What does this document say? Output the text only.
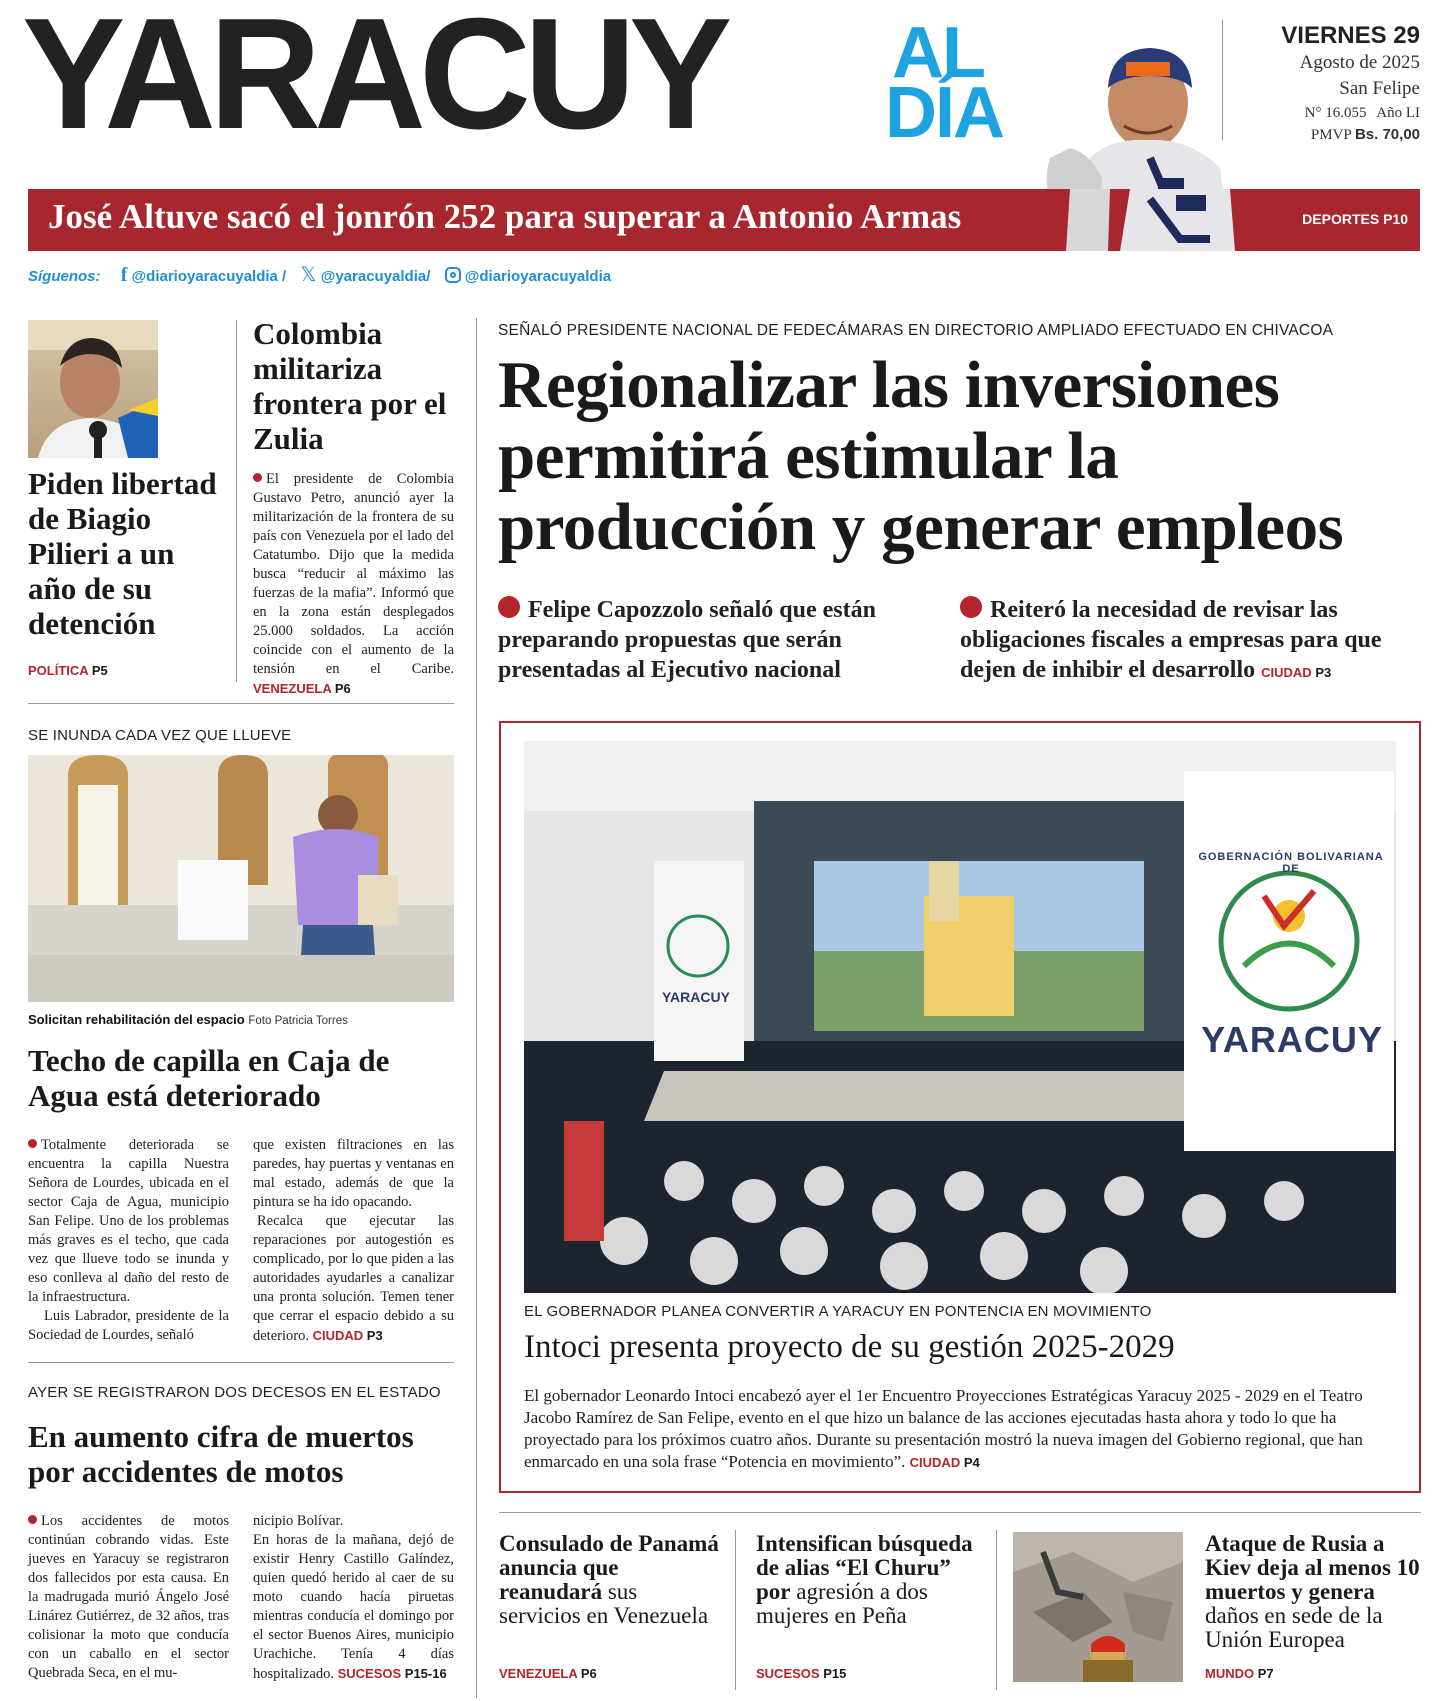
YARACUY AL
DÍA
VIERNES 29
Agosto de 2025
San Felipe
N° 16.055 Año LI
PMVP Bs. 70,00
José Altuve sacó el jonrón 252 para superar a Antonio Armas	DEPORTES P10
Síguenos: f @diarioyaracuyaldia / 𝕏 @yaracuyaldia/ @diarioyaracuyaldia
Piden libertad de Biagio Pilieri a un año de su detención
POLÍTICA P5
Colombia militariza frontera por el Zulia
El presidente de Colombia Gustavo Petro, anunció ayer la militarización de la frontera de su país con Venezuela por el lado del Catatumbo. Dijo que la medida busca “reducir al máximo las fuerzas de la mafia”. Informó que en la zona están desplegados 25.000 soldados. La acción coincide con el aumento de la tensión en el Caribe. VENEZUELA P6
SEÑALÓ PRESIDENTE NACIONAL DE FEDECÁMARAS EN DIRECTORIO AMPLIADO EFECTUADO EN CHIVACOA
Regionalizar las inversiones permitirá estimular la producción y generar empleos
Felipe Capozzolo señaló que están preparando propuestas que serán presentadas al Ejecutivo nacional
Reiteró la necesidad de revisar las obligaciones fiscales a empresas para que dejen de inhibir el desarrollo CIUDAD P3
SE INUNDA CADA VEZ QUE LLUEVE
Solicitan rehabilitación del espacio Foto Patricia Torres
Techo de capilla en Caja de Agua está deteriorado
Totalmente deteriorada se encuentra la capilla Nuestra Señora de Lourdes, ubicada en el sector Caja de Agua, municipio San Felipe. Uno de los problemas más graves es el techo, que cada vez que llueve todo se inunda y eso conlleva al daño del resto de la infraestructura.
Luis Labrador, presidente de la Sociedad de Lourdes, señaló
que existen filtraciones en las paredes, hay puertas y ventanas en mal estado, además de que la pintura se ha ido opacando.
Recalca que ejecutar las reparaciones por autogestión es complicado, por lo que piden a las autoridades ayudarles a canalizar una pronta solución. Temen tener que cerrar el espacio debido a su deterioro. CIUDAD P3
AYER SE REGISTRARON DOS DECESOS EN EL ESTADO
En aumento cifra de muertos por accidentes de motos
Los accidentes de motos continúan cobrando vidas. Este jueves en Yaracuy se registraron dos fallecidos por esta causa. En la madrugada murió Ángelo José Linárez Gutiérrez, de 32 años, tras colisionar la moto que conducía con un caballo en el sector Quebrada Seca, en el mu-
nicipio Bolívar.
En horas de la mañana, dejó de existir Henry Castillo Galíndez, quien quedó herido al caer de su moto cuando hacía piruetas mientras conducía el domingo por el sector Buenos Aires, municipio Urachiche. Tenía 4 días hospitalizado. SUCESOS P15-16
YARACUY
GOBERNACIÓN BOLIVARIANA DE
YARACUY
EL GOBERNADOR PLANEA CONVERTIR A YARACUY EN PONTENCIA EN MOVIMIENTO
Intoci presenta proyecto de su gestión 2025-2029
El gobernador Leonardo Intoci encabezó ayer el 1er Encuentro Proyecciones Estratégicas Yaracuy 2025 - 2029 en el Teatro Jacobo Ramírez de San Felipe, evento en el que hizo un balance de las acciones ejecutadas hasta ahora y todo lo que ha proyectado para los próximos cuatro años. Durante su presentación mostró la nueva imagen del Gobierno regional, que han enmarcado en una sola frase “Potencia en movimiento”. CIUDAD P4
Consulado de Panamá anuncia que reanudará sus servicios en Venezuela
VENEZUELA P6
Intensifican búsqueda de alias “El Churu” por agresión a dos mujeres en Peña
SUCESOS P15
Ataque de Rusia a Kiev deja al menos 10 muertos y genera daños en sede de la Unión Europea
MUNDO P7
